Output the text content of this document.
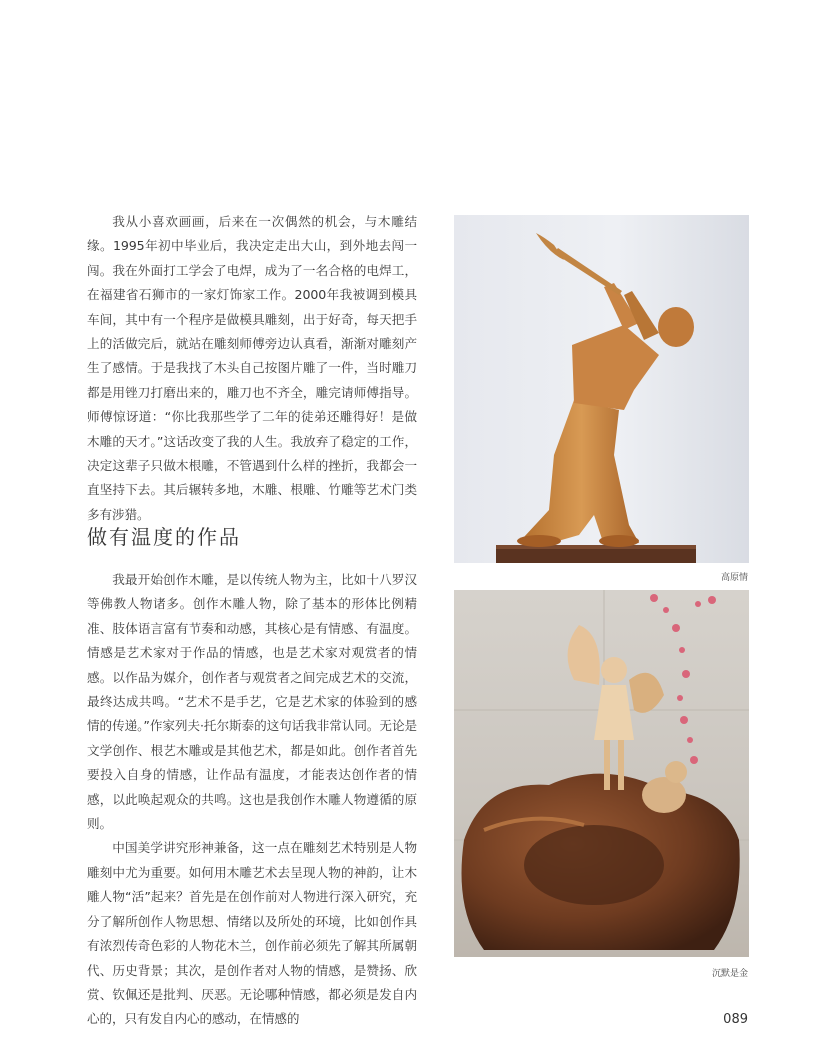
我从小喜欢画画，后来在一次偶然的机会，与木雕结缘。1995年初中毕业后，我决定走出大山，到外地去闯一闯。我在外面打工学会了电焊，成为了一名合格的电焊工，在福建省石狮市的一家灯饰家工作。2000年我被调到模具车间，其中有一个程序是做模具雕刻，出于好奇，每天把手上的活做完后，就站在雕刻师傅旁边认真看，渐渐对雕刻产生了感情。于是我找了木头自己按图片雕了一件，当时雕刀都是用锉刀打磨出来的，雕刀也不齐全，雕完请师傅指导。师傅惊讶道：“你比我那些学了二年的徒弟还雕得好！是做木雕的天才。”这话改变了我的人生。我放弃了稳定的工作，决定这辈子只做木根雕，不管遇到什么样的挫折，我都会一直坚持下去。其后辗转多地，木雕、根雕、竹雕等艺术门类多有涉猎。

做有温度的作品

我最开始创作木雕，是以传统人物为主，比如十八罗汉等佛教人物诸多。创作木雕人物，除了基本的形体比例精准、肢体语言富有节奏和动感，其核心是有情感、有温度。情感是艺术家对于作品的情感，也是艺术家对观赏者的情感。以作品为媒介，创作者与观赏者之间完成艺术的交流，最终达成共鸣。“艺术不是手艺，它是艺术家的体验到的感情的传递。”作家列夫·托尔斯泰的这句话我非常认同。无论是文学创作、根艺木雕或是其他艺术，都是如此。创作者首先要投入自身的情感，让作品有温度，才能表达创作者的情感，以此唤起观众的共鸣。这也是我创作木雕人物遵循的原则。

中国美学讲究形神兼备，这一点在雕刻艺术特别是人物雕刻中尤为重要。如何用木雕艺术去呈现人物的神韵，让木雕人物“活”起来？首先是在创作前对人物进行深入研究，充分了解所创作人物思想、情绪以及所处的环境，比如创作具有浓烈传奇色彩的人物花木兰，创作前必须先了解其所属朝代、历史背景；其次，是创作者对人物的情感，是赞扬、欣赏、钦佩还是批判、厌恶。无论哪种情感，都必须是发自内心的，只有发自内心的感动，在情感的

高原情
沉默是金
089
